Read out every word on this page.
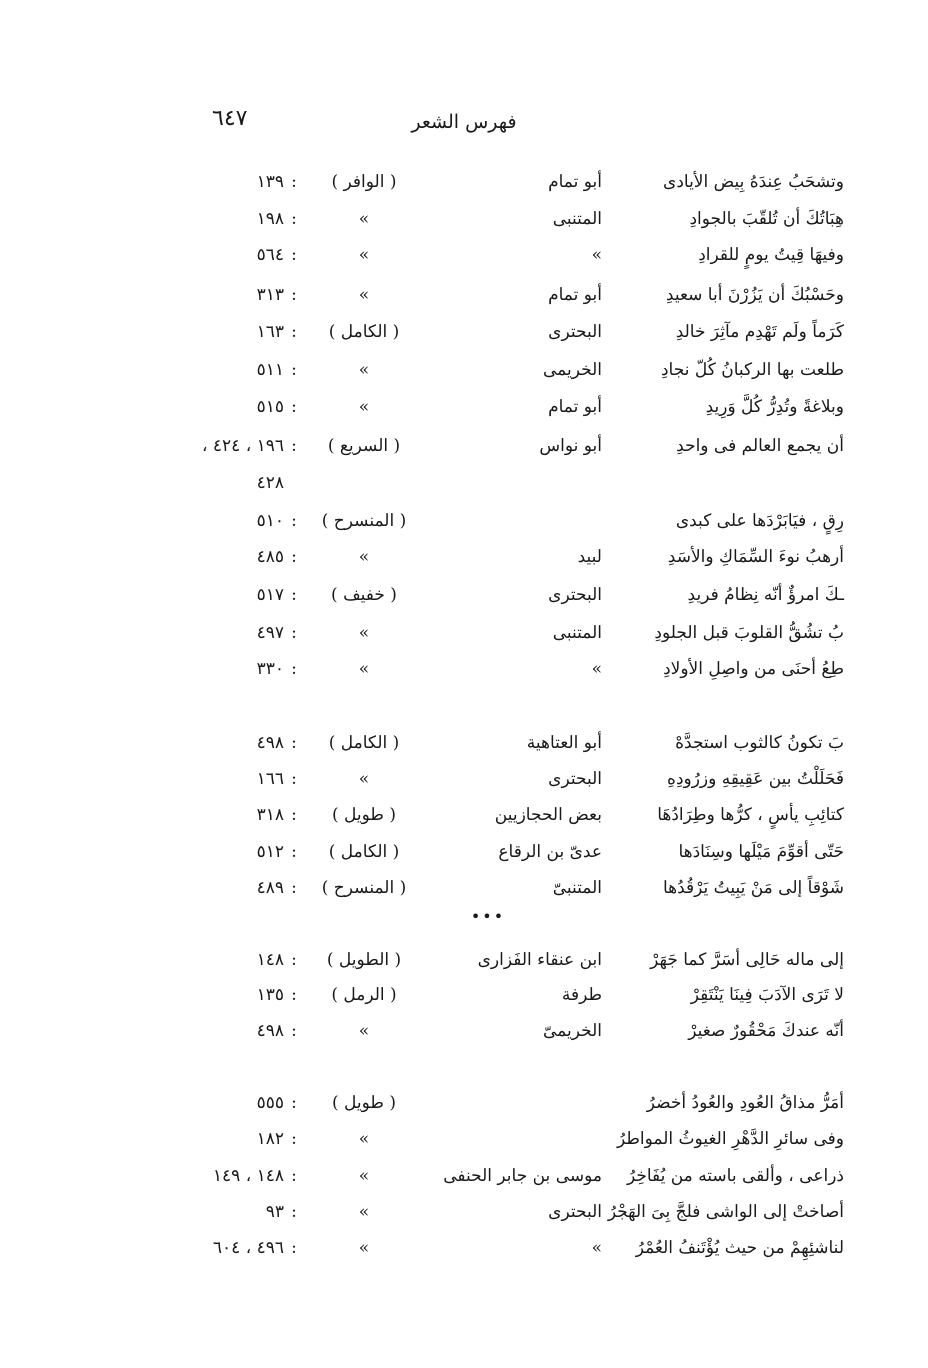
فهرس الشعر
٦٤٧
وتشحَبُ عِندَهُ بِيض الأيادى
أبو تمام
( الوافر )
١٣٩ :
هِبَاتُكَ أن تُلقّبَ بالجوادِ
المتنبى
»
١٩٨ :
وفيهَا قِيتُ يومٍ للقرادِ
»
»
٥٦٤ :
وحَسْبُكَ أن يَزُرْنَ أبا سعيدِ
أبو تمام
»
٣١٣ :
كَرَماً ولَم تَهْدِم مآثِرَ خالدِ
البحترى
( الكامل )
١٦٣ :
طلعت بها الركبانُ كُلّ نجادِ
الخريمى
»
٥١١ :
وبلاغةً وتُدِرُّ كُلَّ وَرِيدِ
أبو تمام
»
٥١٥ :
أن يجمع العالم فى واحدِ
أبو نواس
( السريع )
١٩٦ ، ٤٢٤ ، :
٤٢٨
رِقٍ ، فيَابَرْدَها على كبدى
( المنسرح )
٥١٠ :
أرهبُ نوءَ السِّمَاكِ والأسَدِ
لبيد
»
٤٨٥ :
ـكَ امرؤٌ أنّه نِظامُ فريدِ
البحترى
( خفيف )
٥١٧ :
بُ تشُقُّ القلوبَ قبل الجلودِ
المتنبى
»
٤٩٧ :
طِعُ أحنَى من واصِلِ الأولادِ
»
»
٣٣٠ :
بَ تكونُ كالثوب استجدَّهْ
أبو العتاهية
( الكامل )
٤٩٨ :
فَحَلَلْتُ بين عَقِيقِهِ وزرُودِهِ
البحترى
»
١٦٦ :
كتائِبِ يأسٍ ، كرُّها وطِرَادُهَا
بعض الحجازيين
( طويل )
٣١٨ :
حَتّى أقوِّمَ مَيْلَها وسِنَادَها
عدىّ بن الرقاع
( الكامل )
٥١٢ :
شَوْقاً إلى مَنْ يَبِيتُ يَرْقُدُها
المتنبىّ
( المنسرح )
٤٨٩ :
إلى ماله حَالِى أسَرَّ كما جَهَرْ
ابن عنقاء الفَزارى
( الطويل )
١٤٨ :
لا تَرَى الآدَبَ فِينَا يَنْتَقِرْ
طرفة
( الرمل )
١٣٥ :
أنّه عندكَ مَحْقُورٌ صغيرْ
الخريمىّ
»
٤٩٨ :
أمَرُّ مذاقُ العُودِ والعُودُ أخضرُ
( طويل )
٥٥٥ :
وفى سائرِ الدَّهْرِ الغيوثُ المواطرُ
»
١٨٢ :
ذراعى ، وألقى باسته من يُفَاخِرُ
موسى بن جابر الحنفى
»
١٤٨ ، ١٤٩ :
أصاختْ إلى الواشى فلجَّ بِىَ الهَجْرُ
البحترى
»
٩٣ :
لناشئِهِمْ من حيث يُؤْتَنفُ العُمْرُ
»
»
٤٩٦ ، ٦٠٤ :
•••
